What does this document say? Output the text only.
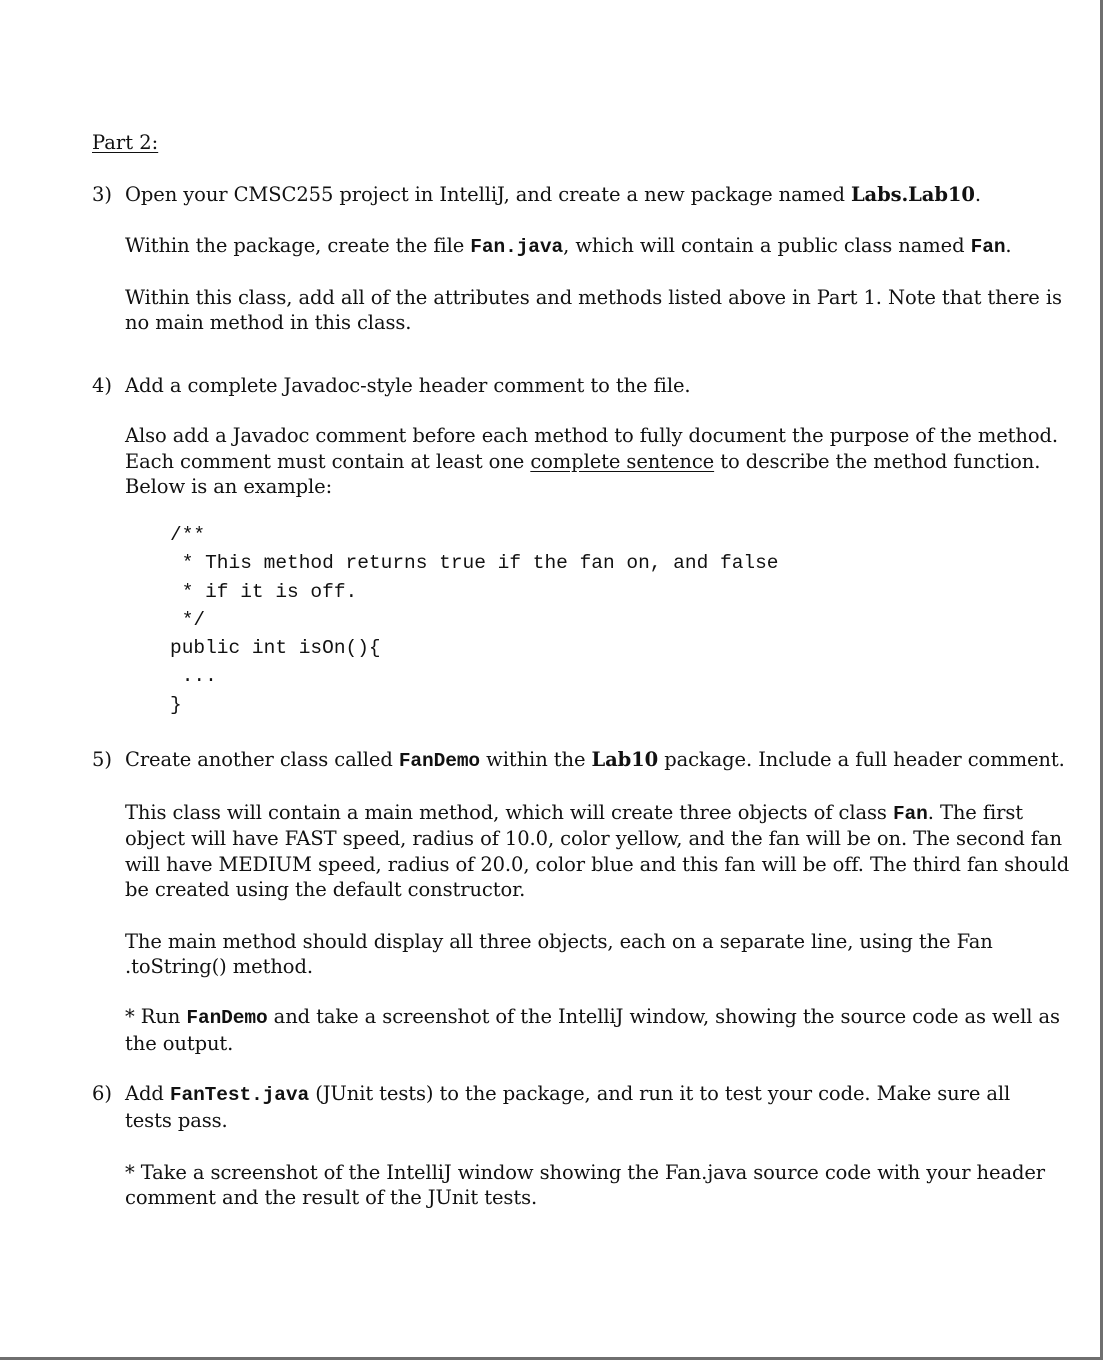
Part 2:
3) Open your CMSC255 project in IntelliJ, and create a new package named Labs.Lab10.
Within the package, create the file Fan.java, which will contain a public class named Fan.
Within this class, add all of the attributes and methods listed above in Part 1. Note that there is
no main method in this class.
4) Add a complete Javadoc-style header comment to the file.
Also add a Javadoc comment before each method to fully document the purpose of the method.
Each comment must contain at least one complete sentence to describe the method function.
Below is an example:
/**
* This method returns true if the fan on, and false
* if it is off.
*/
public int isOn(){
...
}
5) Create another class called FanDemo within the Lab10 package. Include a full header comment.
This class will contain a main method, which will create three objects of class Fan. The first
object will have FAST speed, radius of 10.0, color yellow, and the fan will be on. The second fan
will have MEDIUM speed, radius of 20.0, color blue and this fan will be off. The third fan should
be created using the default constructor.
The main method should display all three objects, each on a separate line, using the Fan
.toString() method.
* Run FanDemo and take a screenshot of the IntelliJ window, showing the source code as well as
the output.
6) Add FanTest.java (JUnit tests) to the package, and run it to test your code. Make sure all
tests pass.
* Take a screenshot of the IntelliJ window showing the Fan.java source code with your header
comment and the result of the JUnit tests.
